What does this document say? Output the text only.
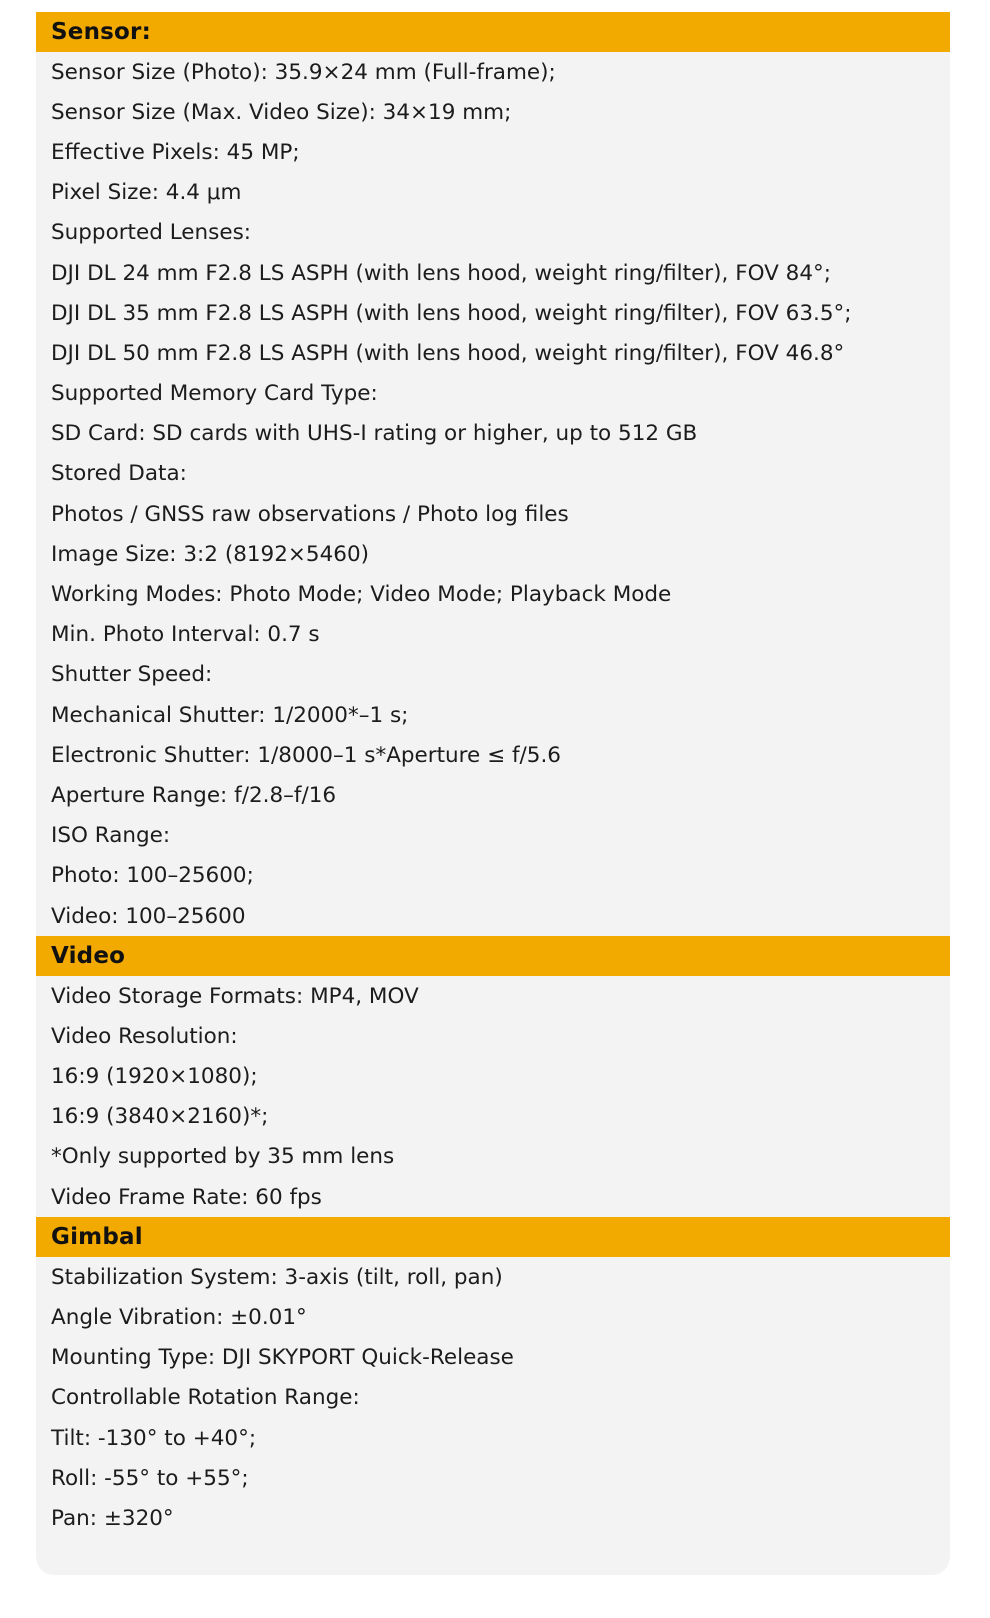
Sensor:
Sensor Size (Photo): 35.9×24 mm (Full-frame);
Sensor Size (Max. Video Size): 34×19 mm;
Effective Pixels: 45 MP;
Pixel Size: 4.4 μm
Supported Lenses:
DJI DL 24 mm F2.8 LS ASPH (with lens hood, weight ring/filter), FOV 84°;
DJI DL 35 mm F2.8 LS ASPH (with lens hood, weight ring/filter), FOV 63.5°;
DJI DL 50 mm F2.8 LS ASPH (with lens hood, weight ring/filter), FOV 46.8°
Supported Memory Card Type:
SD Card: SD cards with UHS-I rating or higher, up to 512 GB
Stored Data:
Photos / GNSS raw observations / Photo log files
Image Size: 3:2 (8192×5460)
Working Modes: Photo Mode; Video Mode; Playback Mode
Min. Photo Interval: 0.7 s
Shutter Speed:
Mechanical Shutter: 1/2000*–1 s;
Electronic Shutter: 1/8000–1 s*Aperture ≤ f/5.6
Aperture Range: f/2.8–f/16
ISO Range:
Photo: 100–25600;
Video: 100–25600
Video
Video Storage Formats: MP4, MOV
Video Resolution:
16:9 (1920×1080);
16:9 (3840×2160)*;
*Only supported by 35 mm lens
Video Frame Rate: 60 fps
Gimbal
Stabilization System: 3-axis (tilt, roll, pan)
Angle Vibration: ±0.01°
Mounting Type: DJI SKYPORT Quick-Release
Controllable Rotation Range:
Tilt: -130° to +40°;
Roll: -55° to +55°;
Pan: ±320°
